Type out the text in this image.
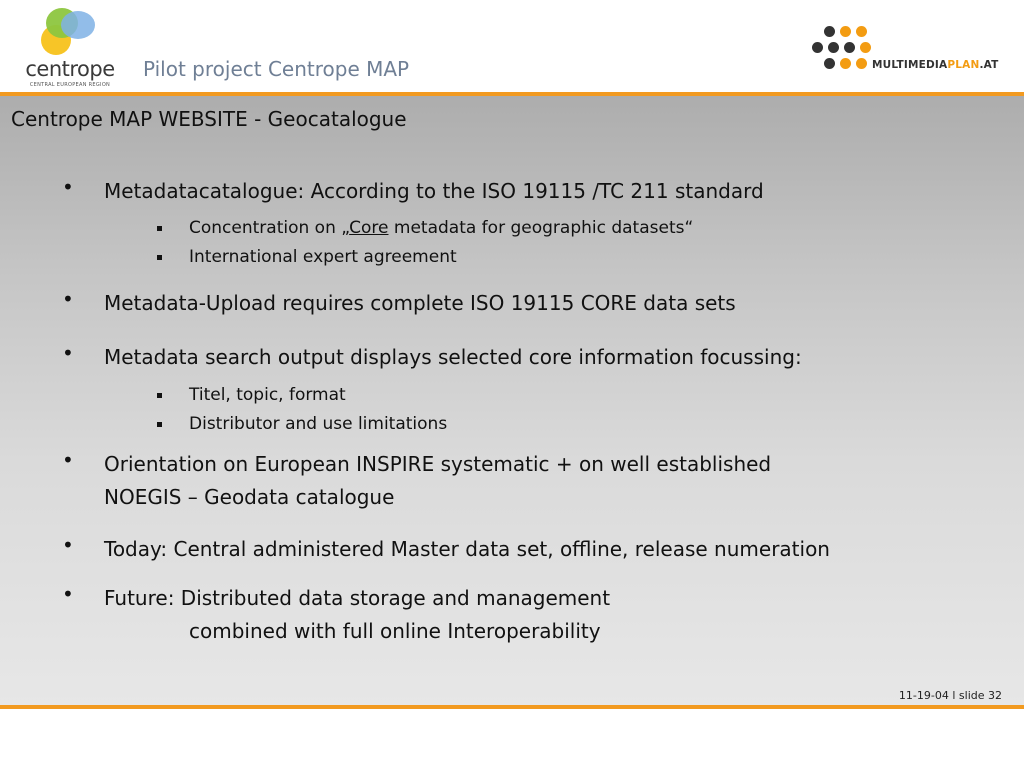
centrope
CENTRAL EUROPEAN REGION
Pilot project Centrope MAP	MULTIMEDIAPLAN.AT
Centrope MAP WEBSITE - Geocatalogue
•	Metadatacatalogue: According to the ISO 19115 /TC 211 standard
Concentration on „Core metadata for geographic datasets“
International expert agreement
•	Metadata-Upload requires complete ISO 19115 CORE data sets
•	Metadata search output displays selected core information focussing:
Titel, topic, format
Distributor and use limitations
•	Orientation on European INSPIRE systematic + on well established
NOEGIS – Geodata catalogue
•	Today: Central administered Master data set, offline, release numeration
•	Future: Distributed data storage and management
combined with full online Interoperability
11-19-04 l slide 32
